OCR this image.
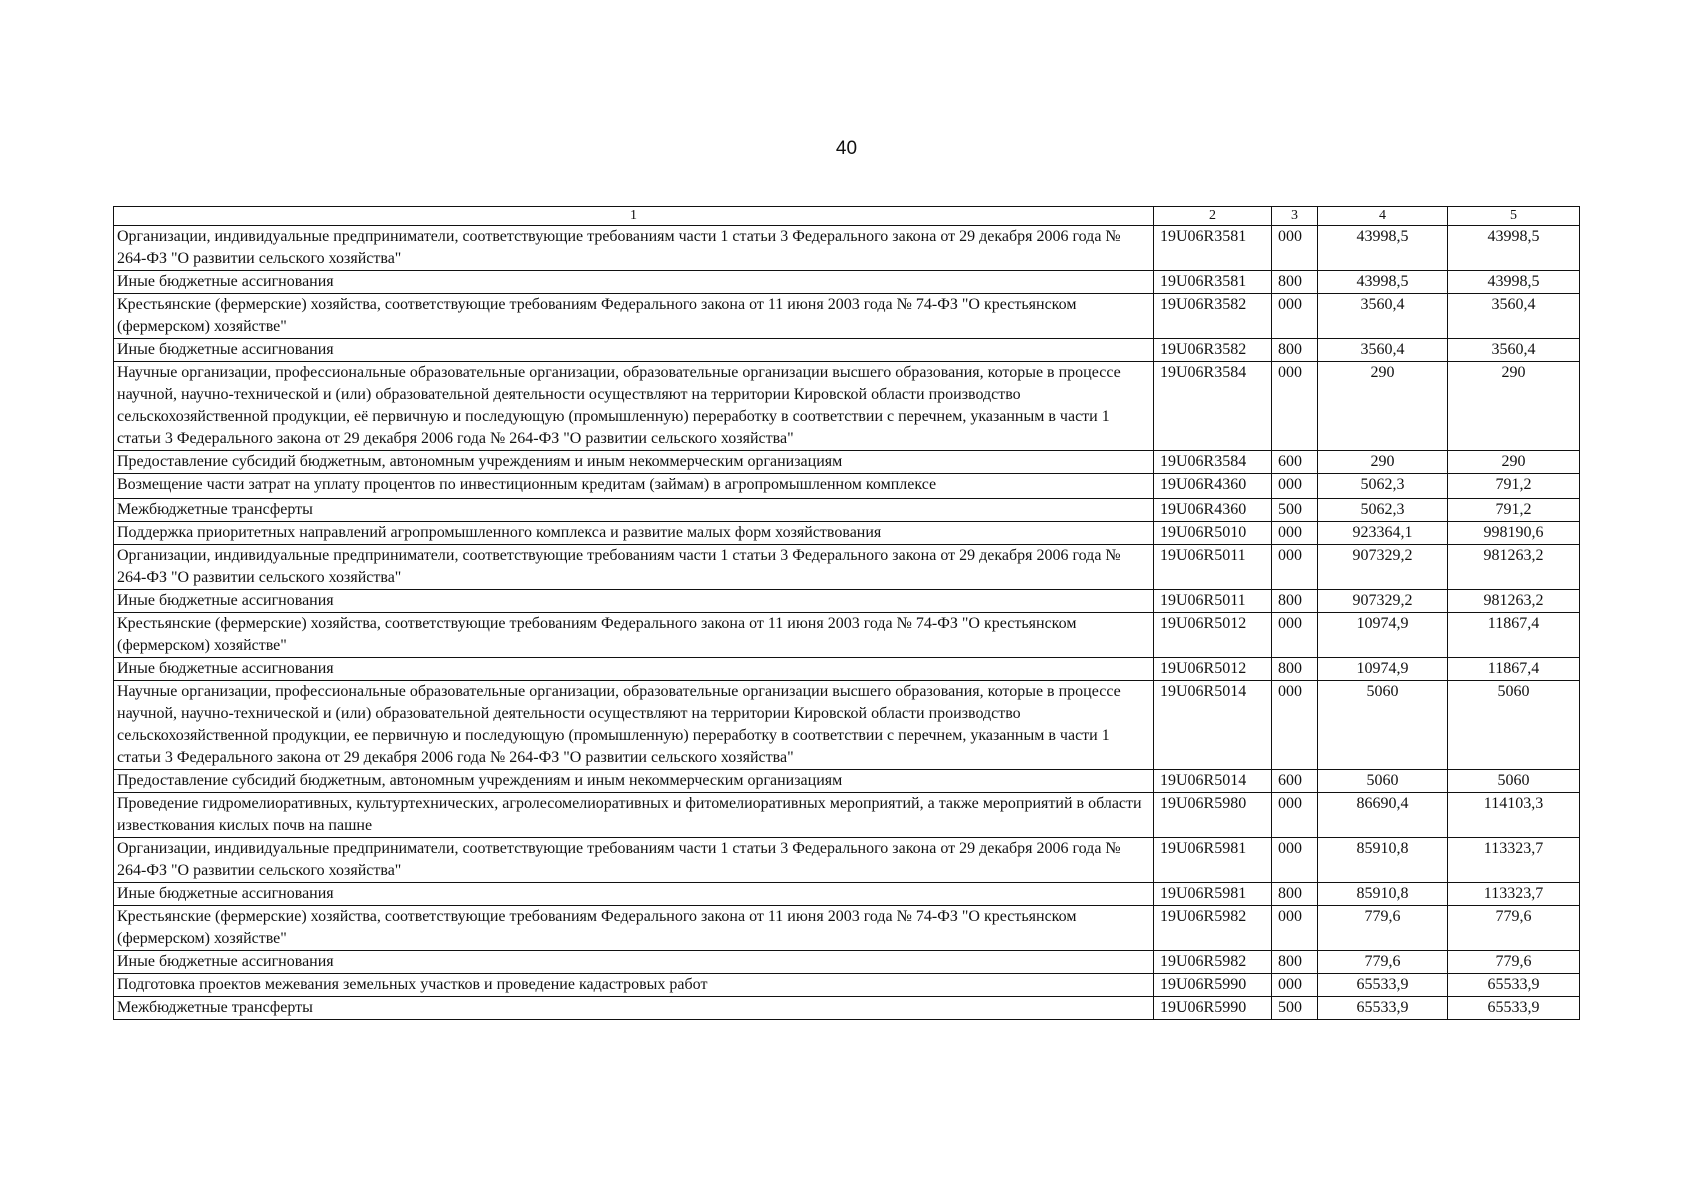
40
1	2	3	4	5
Организации, индивидуальные предприниматели, соответствующие требованиям части 1 статьи 3 Федерального закона от 29 декабря 2006 года № 264-ФЗ "О развитии сельского хозяйства"	19U06R3581	000	43998,5	43998,5
Иные бюджетные ассигнования	19U06R3581	800	43998,5	43998,5
Крестьянские (фермерские) хозяйства, соответствующие требованиям Федерального закона от 11 июня 2003 года № 74-ФЗ "О крестьянском (фермерском) хозяйстве"	19U06R3582	000	3560,4	3560,4
Иные бюджетные ассигнования	19U06R3582	800	3560,4	3560,4
Научные организации, профессиональные образовательные организации, образовательные организации высшего образования, которые в процессе научной, научно-технической и (или) образовательной деятельности осуществляют на территории Кировской области производство сельскохозяйственной продукции, её первичную и последующую (промышленную) переработку в соответствии с перечнем, указанным в части 1 статьи 3 Федерального закона от 29 декабря 2006 года № 264-ФЗ "О развитии сельского хозяйства"	19U06R3584	000	290	290
Предоставление субсидий бюджетным, автономным учреждениям и иным некоммерческим организациям	19U06R3584	600	290	290
Возмещение части затрат на уплату процентов по инвестиционным кредитам (займам) в агропромышленном комплексе	19U06R4360	000	5062,3	791,2
Межбюджетные трансферты	19U06R4360	500	5062,3	791,2
Поддержка приоритетных направлений агропромышленного комплекса и развитие малых форм хозяйствования	19U06R5010	000	923364,1	998190,6
Организации, индивидуальные предприниматели, соответствующие требованиям части 1 статьи 3 Федерального закона от 29 декабря 2006 года № 264-ФЗ "О развитии сельского хозяйства"	19U06R5011	000	907329,2	981263,2
Иные бюджетные ассигнования	19U06R5011	800	907329,2	981263,2
Крестьянские (фермерские) хозяйства, соответствующие требованиям Федерального закона от 11 июня 2003 года № 74-ФЗ "О крестьянском (фермерском) хозяйстве"	19U06R5012	000	10974,9	11867,4
Иные бюджетные ассигнования	19U06R5012	800	10974,9	11867,4
Научные организации, профессиональные образовательные организации, образовательные организации высшего образования, которые в процессе научной, научно-технической и (или) образовательной деятельности осуществляют на территории Кировской области производство сельскохозяйственной продукции, ее первичную и последующую (промышленную) переработку в соответствии с перечнем, указанным в части 1 статьи 3 Федерального закона от 29 декабря 2006 года № 264-ФЗ "О развитии сельского хозяйства"	19U06R5014	000	5060	5060
Предоставление субсидий бюджетным, автономным учреждениям и иным некоммерческим организациям	19U06R5014	600	5060	5060
Проведение гидромелиоративных, культуртехнических, агролесомелиоративных и фитомелиоративных мероприятий, а также мероприятий в области известкования кислых почв на пашне	19U06R5980	000	86690,4	114103,3
Организации, индивидуальные предприниматели, соответствующие требованиям части 1 статьи 3 Федерального закона от 29 декабря 2006 года № 264-ФЗ "О развитии сельского хозяйства"	19U06R5981	000	85910,8	113323,7
Иные бюджетные ассигнования	19U06R5981	800	85910,8	113323,7
Крестьянские (фермерские) хозяйства, соответствующие требованиям Федерального закона от 11 июня 2003 года № 74-ФЗ "О крестьянском (фермерском) хозяйстве"	19U06R5982	000	779,6	779,6
Иные бюджетные ассигнования	19U06R5982	800	779,6	779,6
Подготовка проектов межевания земельных участков и проведение кадастровых работ	19U06R5990	000	65533,9	65533,9
Межбюджетные трансферты	19U06R5990	500	65533,9	65533,9
